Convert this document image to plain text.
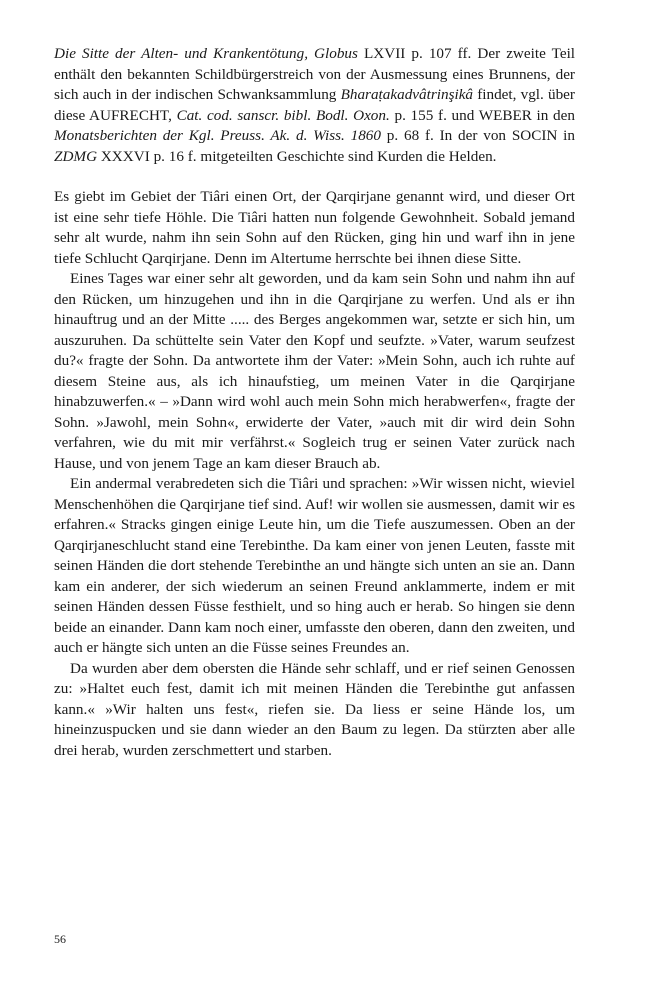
Die Sitte der Alten- und Krankentötung, Globus LXVII p. 107 ff. Der zweite Teil enthält den bekannten Schildbürgerstreich von der Ausmessung eines Brunnens, der sich auch in der indischen Schwanksammlung Bharaṭakadvâtrinşikâ findet, vgl. über diese AUFRECHT, Cat. cod. sanscr. bibl. Bodl. Oxon. p. 155 f. und WEBER in den Monatsberichten der Kgl. Preuss. Ak. d. Wiss. 1860 p. 68 f. In der von SOCIN in ZDMG XXXVI p. 16 f. mitgeteilten Geschichte sind Kurden die Helden.

Es giebt im Gebiet der Tiâri einen Ort, der Qarqirjane genannt wird, und dieser Ort ist eine sehr tiefe Höhle. Die Tiâri hatten nun folgende Gewohnheit. Sobald jemand sehr alt wurde, nahm ihn sein Sohn auf den Rücken, ging hin und warf ihn in jene tiefe Schlucht Qarqirjane. Denn im Altertume herrschte bei ihnen diese Sitte.

Eines Tages war einer sehr alt geworden, und da kam sein Sohn und nahm ihn auf den Rücken, um hinzugehen und ihn in die Qarqirjane zu werfen. Und als er ihn hinauftrug und an der Mitte ..... des Berges angekommen war, setzte er sich hin, um auszuruhen. Da schüttelte sein Vater den Kopf und seufzte. »Vater, warum seufzest du?« fragte der Sohn. Da antwortete ihm der Vater: »Mein Sohn, auch ich ruhte auf diesem Steine aus, als ich hinaufstieg, um meinen Vater in die Qarqirjane hinabzuwerfen.« – »Dann wird wohl auch mein Sohn mich herabwerfen«, fragte der Sohn. »Jawohl, mein Sohn«, erwiderte der Vater, »auch mit dir wird dein Sohn verfahren, wie du mit mir verfährst.« Sogleich trug er seinen Vater zurück nach Hause, und von jenem Tage an kam dieser Brauch ab.

Ein andermal verabredeten sich die Tiâri und sprachen: »Wir wissen nicht, wieviel Menschenhöhen die Qarqirjane tief sind. Auf! wir wollen sie ausmessen, damit wir es erfahren.« Stracks gingen einige Leute hin, um die Tiefe auszumessen. Oben an der Qarqirjaneschlucht stand eine Terebinthe. Da kam einer von jenen Leuten, fasste mit seinen Händen die dort stehende Terebinthe an und hängte sich unten an sie an. Dann kam ein anderer, der sich wiederum an seinen Freund anklammerte, indem er mit seinen Händen dessen Füsse festhielt, und so hing auch er herab. So hingen sie denn beide an einander. Dann kam noch einer, umfasste den oberen, dann den zweiten, und auch er hängte sich unten an die Füsse seines Freundes an.

Da wurden aber dem obersten die Hände sehr schlaff, und er rief seinen Genossen zu: »Haltet euch fest, damit ich mit meinen Händen die Terebinthe gut anfassen kann.« »Wir halten uns fest«, riefen sie. Da liess er seine Hände los, um hineinzuspucken und sie dann wieder an den Baum zu legen. Da stürzten aber alle drei herab, wurden zerschmettert und starben.

56
